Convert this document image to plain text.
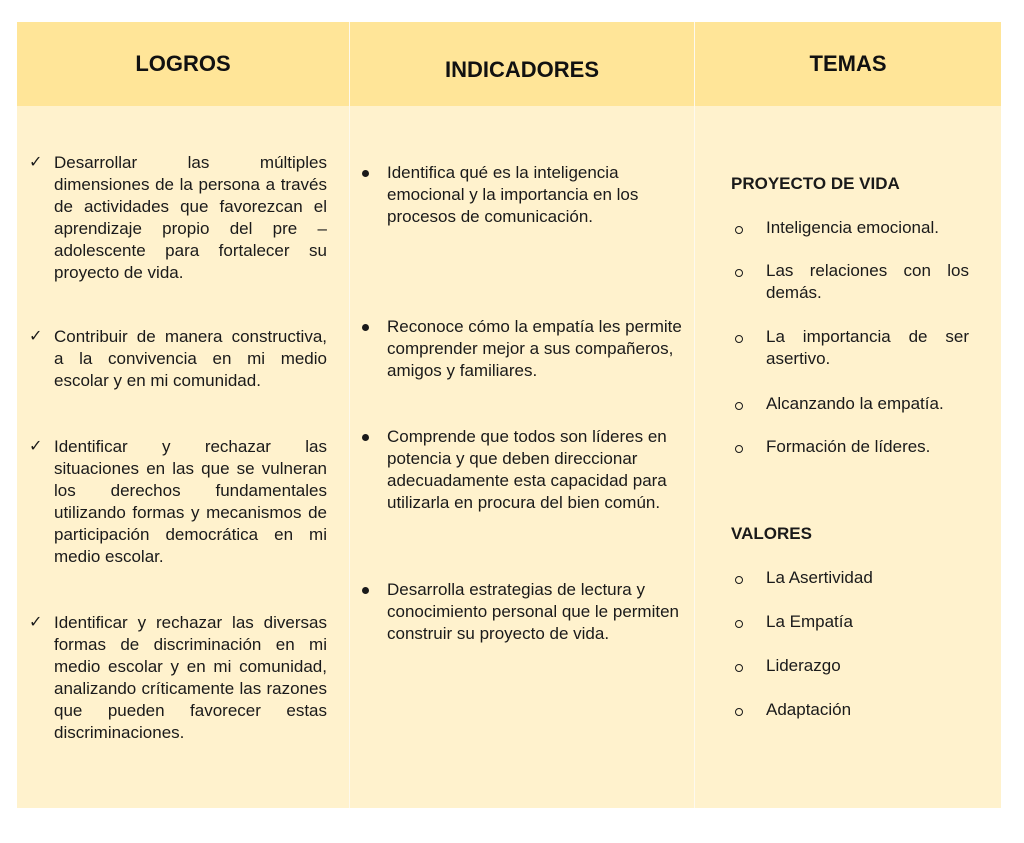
LOGROS	INDICADORES	TEMAS
✓ Desarrollar las múltiples dimensiones de la persona a través de actividades que favorezcan el aprendizaje propio del pre – adolescente para fortalecer su proyecto de vida.
✓ Contribuir de manera constructiva, a la convivencia en mi medio escolar y en mi comunidad.
✓ Identificar y rechazar las situaciones en las que se vulneran los derechos fundamentales utilizando formas y mecanismos de participación democrática en mi medio escolar.
✓ Identificar y rechazar las diversas formas de discriminación en mi medio escolar y en mi comunidad, analizando críticamente las razones que pueden favorecer estas discriminaciones.
Identifica qué es la inteligencia emocional y la importancia en los procesos de comunicación.
Reconoce cómo la empatía les permite comprender mejor a sus compañeros, amigos y familiares.
Comprende que todos son líderes en potencia y que deben direccionar adecuadamente esta capacidad para utilizarla en procura del bien común.
Desarrolla estrategias de lectura y conocimiento personal que le permiten construir su proyecto de vida.
PROYECTO DE VIDA
Inteligencia emocional.
Las relaciones con los demás.
La importancia de ser asertivo.
Alcanzando la empatía.
Formación de líderes.
VALORES
La Asertividad
La Empatía
Liderazgo
Adaptación
